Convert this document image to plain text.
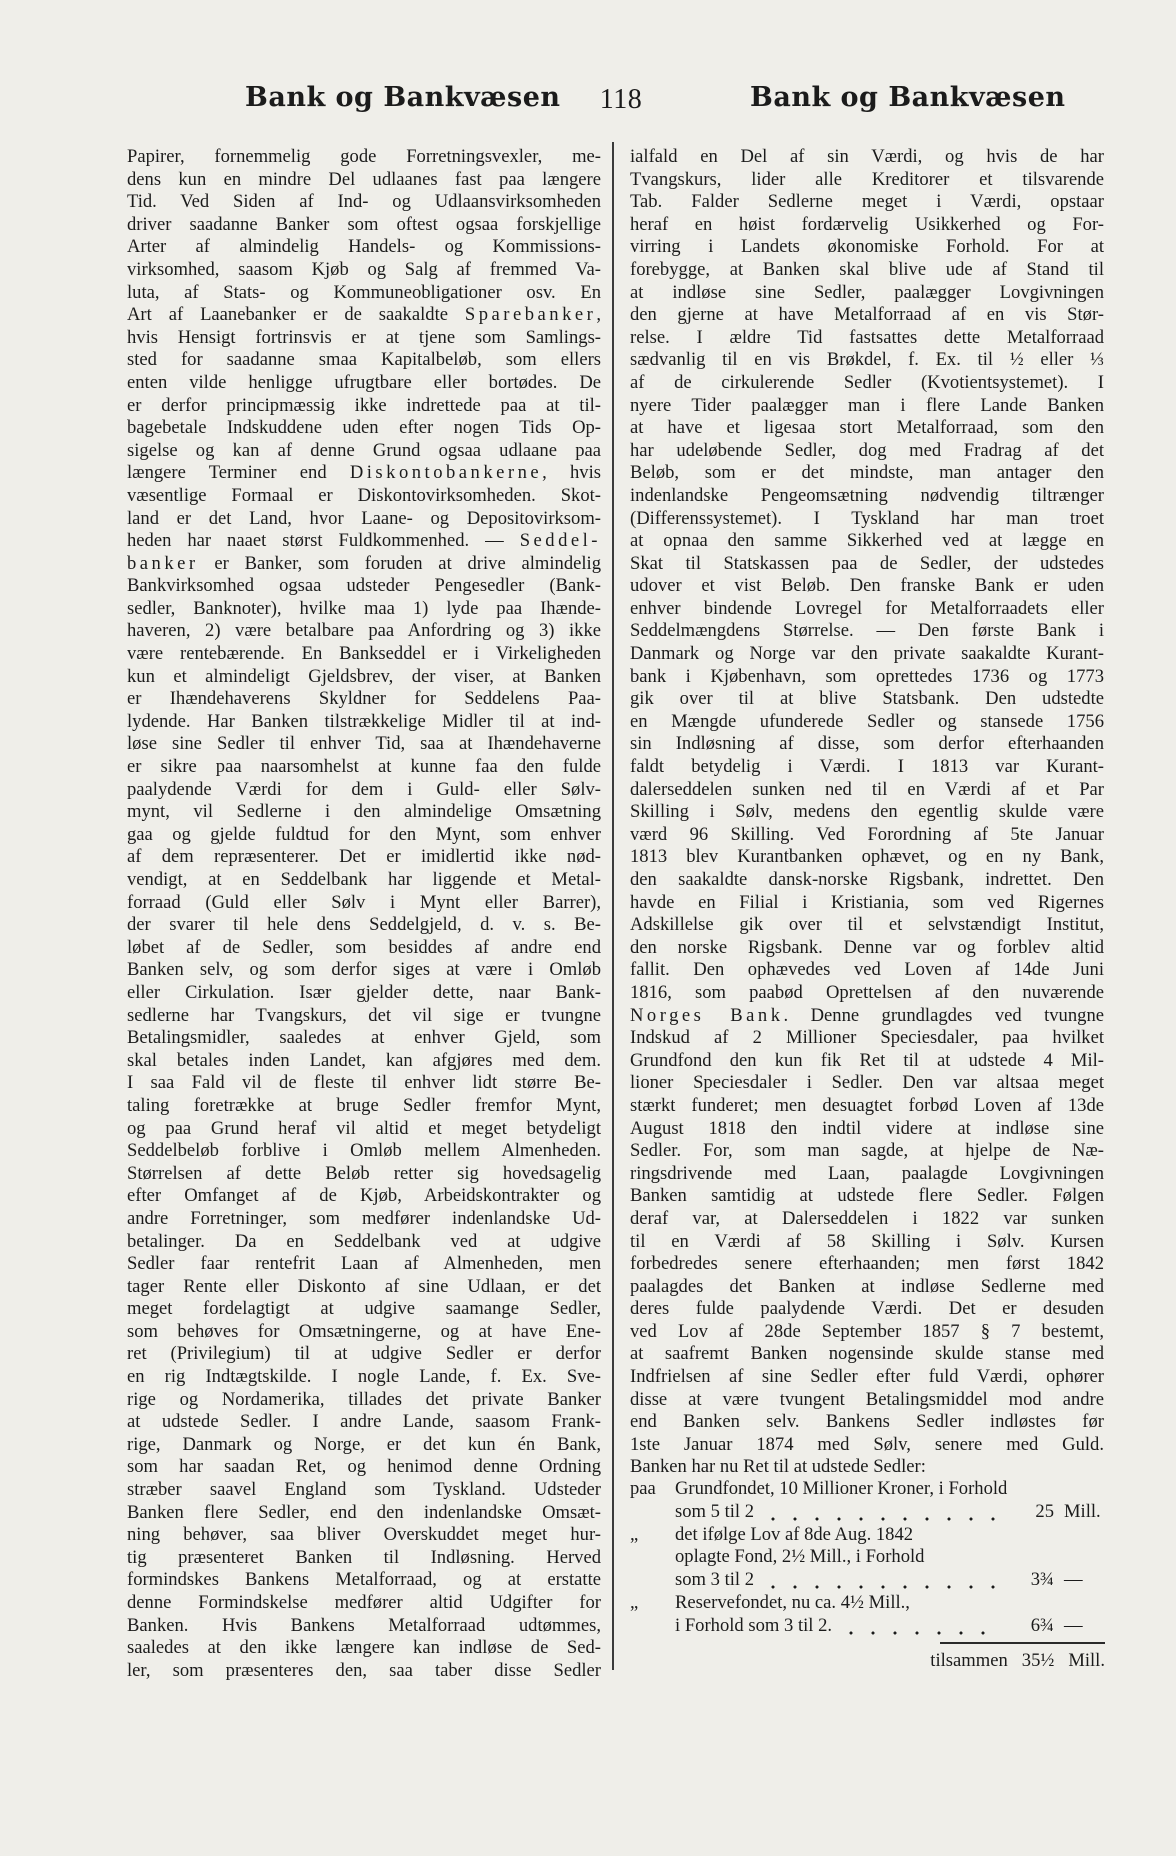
Bank og Bankvæsen 118	Bank og Bankvæsen
Papirer, fornemmelig gode Forretningsvexler, me-
dens kun en mindre Del udlaanes fast paa længere
Tid. Ved Siden af Ind- og Udlaansvirksomheden
driver saadanne Banker som oftest ogsaa forskjellige
Arter af almindelig Handels- og Kommissions-
virksomhed, saasom Kjøb og Salg af fremmed Va-
luta, af Stats- og Kommuneobligationer osv. En
Art af Laanebanker er de saakaldte Sparebanker,
hvis Hensigt fortrinsvis er at tjene som Samlings-
sted for saadanne smaa Kapitalbeløb, som ellers
enten vilde henligge ufrugtbare eller bortødes. De
er derfor principmæssig ikke indrettede paa at til-
bagebetale Indskuddene uden efter nogen Tids Op-
sigelse og kan af denne Grund ogsaa udlaane paa
længere Terminer end Diskontobankerne, hvis
væsentlige Formaal er Diskontovirksomheden. Skot-
land er det Land, hvor Laane- og Depositovirksom-
heden har naaet størst Fuldkommenhed. — Seddel-
banker er Banker, som foruden at drive almindelig
Bankvirksomhed ogsaa udsteder Pengesedler (Bank-
sedler, Banknoter), hvilke maa 1) lyde paa Ihænde-
haveren, 2) være betalbare paa Anfordring og 3) ikke
være rentebærende. En Bankseddel er i Virkeligheden
kun et almindeligt Gjeldsbrev, der viser, at Banken
er Ihændehaverens Skyldner for Seddelens Paa-
lydende. Har Banken tilstrækkelige Midler til at ind-
løse sine Sedler til enhver Tid, saa at Ihændehaverne
er sikre paa naarsomhelst at kunne faa den fulde
paalydende Værdi for dem i Guld- eller Sølv-
mynt, vil Sedlerne i den almindelige Omsætning
gaa og gjelde fuldtud for den Mynt, som enhver
af dem repræsenterer. Det er imidlertid ikke nød-
vendigt, at en Seddelbank har liggende et Metal-
forraad (Guld eller Sølv i Mynt eller Barrer),
der svarer til hele dens Seddelgjeld, d. v. s. Be-
løbet af de Sedler, som besiddes af andre end
Banken selv, og som derfor siges at være i Omløb
eller Cirkulation. Især gjelder dette, naar Bank-
sedlerne har Tvangskurs, det vil sige er tvungne
Betalingsmidler, saaledes at enhver Gjeld, som
skal betales inden Landet, kan afgjøres med dem.
I saa Fald vil de fleste til enhver lidt større Be-
taling foretrække at bruge Sedler fremfor Mynt,
og paa Grund heraf vil altid et meget betydeligt
Seddelbeløb forblive i Omløb mellem Almenheden.
Størrelsen af dette Beløb retter sig hovedsagelig
efter Omfanget af de Kjøb, Arbeidskontrakter og
andre Forretninger, som medfører indenlandske Ud-
betalinger. Da en Seddelbank ved at udgive
Sedler faar rentefrit Laan af Almenheden, men
tager Rente eller Diskonto af sine Udlaan, er det
meget fordelagtigt at udgive saamange Sedler,
som behøves for Omsætningerne, og at have Ene-
ret (Privilegium) til at udgive Sedler er derfor
en rig Indtægtskilde. I nogle Lande, f. Ex. Sve-
rige og Nordamerika, tillades det private Banker
at udstede Sedler. I andre Lande, saasom Frank-
rige, Danmark og Norge, er det kun én Bank,
som har saadan Ret, og henimod denne Ordning
stræber saavel England som Tyskland. Udsteder
Banken flere Sedler, end den indenlandske Omsæt-
ning behøver, saa bliver Overskuddet meget hur-
tig præsenteret Banken til Indløsning. Herved
formindskes Bankens Metalforraad, og at erstatte
denne Formindskelse medfører altid Udgifter for
Banken. Hvis Bankens Metalforraad udtømmes,
saaledes at den ikke længere kan indløse de Sed-
ler, som præsenteres den, saa taber disse Sedler
ialfald en Del af sin Værdi, og hvis de har
Tvangskurs, lider alle Kreditorer et tilsvarende
Tab. Falder Sedlerne meget i Værdi, opstaar
heraf en høist fordærvelig Usikkerhed og For-
virring i Landets økonomiske Forhold. For at
forebygge, at Banken skal blive ude af Stand til
at indløse sine Sedler, paalægger Lovgivningen
den gjerne at have Metalforraad af en vis Stør-
relse. I ældre Tid fastsattes dette Metalforraad
sædvanlig til en vis Brøkdel, f. Ex. til ½ eller ⅓
af de cirkulerende Sedler (Kvotientsystemet). I
nyere Tider paalægger man i flere Lande Banken
at have et ligesaa stort Metalforraad, som den
har udeløbende Sedler, dog med Fradrag af det
Beløb, som er det mindste, man antager den
indenlandske Pengeomsætning nødvendig tiltrænger
(Differenssystemet). I Tyskland har man troet
at opnaa den samme Sikkerhed ved at lægge en
Skat til Statskassen paa de Sedler, der udstedes
udover et vist Beløb. Den franske Bank er uden
enhver bindende Lovregel for Metalforraadets eller
Seddelmængdens Størrelse. — Den første Bank i
Danmark og Norge var den private saakaldte Kurant-
bank i Kjøbenhavn, som oprettedes 1736 og 1773
gik over til at blive Statsbank. Den udstedte
en Mængde ufunderede Sedler og stansede 1756
sin Indløsning af disse, som derfor efterhaanden
faldt betydelig i Værdi. I 1813 var Kurant-
dalerseddelen sunken ned til en Værdi af et Par
Skilling i Sølv, medens den egentlig skulde være
værd 96 Skilling. Ved Forordning af 5te Januar
1813 blev Kurantbanken ophævet, og en ny Bank,
den saakaldte dansk-norske Rigsbank, indrettet. Den
havde en Filial i Kristiania, som ved Rigernes
Adskillelse gik over til et selvstændigt Institut,
den norske Rigsbank. Denne var og forblev altid
fallit. Den ophævedes ved Loven af 14de Juni
1816, som paabød Oprettelsen af den nuværende
Norges Bank. Denne grundlagdes ved tvungne
Indskud af 2 Millioner Speciesdaler, paa hvilket
Grundfond den kun fik Ret til at udstede 4 Mil-
lioner Speciesdaler i Sedler. Den var altsaa meget
stærkt funderet; men desuagtet forbød Loven af 13de
August 1818 den indtil videre at indløse sine
Sedler. For, som man sagde, at hjelpe de Næ-
ringsdrivende med Laan, paalagde Lovgivningen
Banken samtidig at udstede flere Sedler. Følgen
deraf var, at Dalerseddelen i 1822 var sunken
til en Værdi af 58 Skilling i Sølv. Kursen
forbedredes senere efterhaanden; men først 1842
paalagdes det Banken at indløse Sedlerne med
deres fulde paalydende Værdi. Det er desuden
ved Lov af 28de September 1857 § 7 bestemt,
at saafremt Banken nogensinde skulde stanse med
Indfrielsen af sine Sedler efter fuld Værdi, ophører
disse at være tvungent Betalingsmiddel mod andre
end Banken selv. Bankens Sedler indløstes før
1ste Januar 1874 med Sølv, senere med Guld.
Banken har nu Ret til at udstede Sedler:
paa	Grundfondet, 10 Millioner Kroner, i Forhold
som 5 til 2	25 Mill.
„	det ifølge Lov af 8de Aug. 1842
oplagte Fond, 2½ Mill., i Forhold
som 3 til 2	3¾ —
„	Reservefondet, nu ca. 4½ Mill.,
i Forhold som 3 til 2.	6¾ —
tilsammen 35½ Mill.
